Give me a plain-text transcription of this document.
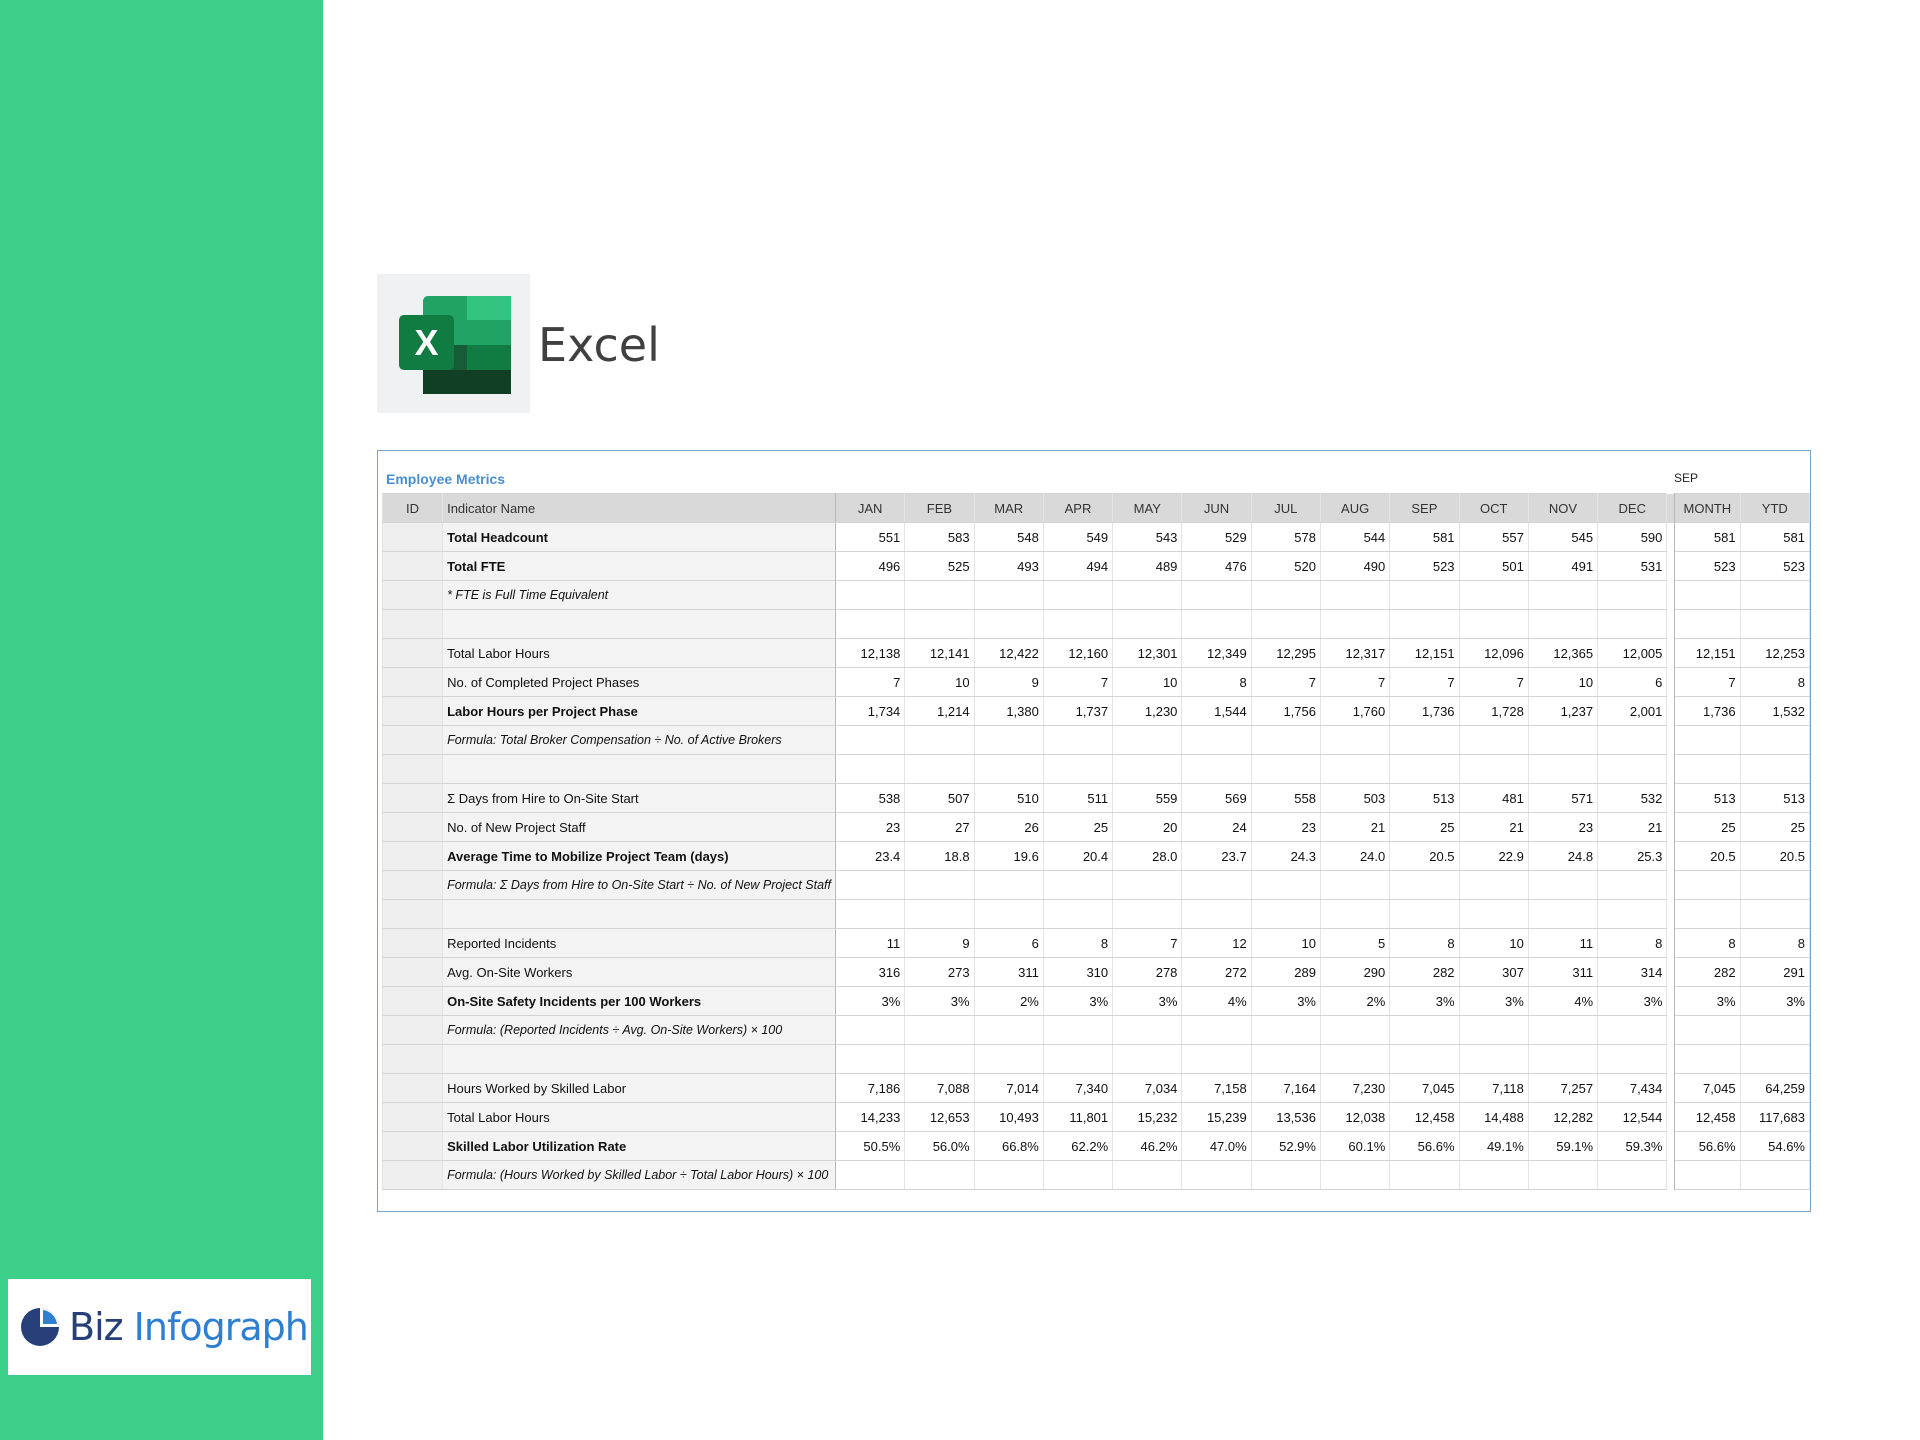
Biz Infograph
X Excel
Employee Metrics	SEP
ID	Indicator Name	JAN	FEB	MAR	APR	MAY	JUN	JUL	AUG	SEP	OCT	NOV	DEC		MONTH	YTD
	Total Headcount	551	583	548	549	543	529	578	544	581	557	545	590		581	581
	Total FTE	496	525	493	494	489	476	520	490	523	501	491	531		523	523
	* FTE is Full Time Equivalent															

	Total Labor Hours	12,138	12,141	12,422	12,160	12,301	12,349	12,295	12,317	12,151	12,096	12,365	12,005		12,151	12,253
	No. of Completed Project Phases	7	10	9	7	10	8	7	7	7	7	10	6		7	8
	Labor Hours per Project Phase	1,734	1,214	1,380	1,737	1,230	1,544	1,756	1,760	1,736	1,728	1,237	2,001		1,736	1,532
	Formula: Total Broker Compensation ÷ No. of Active Brokers															

	Σ Days from Hire to On-Site Start	538	507	510	511	559	569	558	503	513	481	571	532		513	513
	No. of New Project Staff	23	27	26	25	20	24	23	21	25	21	23	21		25	25
	Average Time to Mobilize Project Team (days)	23.4	18.8	19.6	20.4	28.0	23.7	24.3	24.0	20.5	22.9	24.8	25.3		20.5	20.5
	Formula: Σ Days from Hire to On-Site Start ÷ No. of New Project Staff															

	Reported Incidents	11	9	6	8	7	12	10	5	8	10	11	8		8	8
	Avg. On-Site Workers	316	273	311	310	278	272	289	290	282	307	311	314		282	291
	On-Site Safety Incidents per 100 Workers	3%	3%	2%	3%	3%	4%	3%	2%	3%	3%	4%	3%		3%	3%
	Formula: (Reported Incidents ÷ Avg. On-Site Workers) × 100															

	Hours Worked by Skilled Labor	7,186	7,088	7,014	7,340	7,034	7,158	7,164	7,230	7,045	7,118	7,257	7,434		7,045	64,259
	Total Labor Hours	14,233	12,653	10,493	11,801	15,232	15,239	13,536	12,038	12,458	14,488	12,282	12,544		12,458	117,683
	Skilled Labor Utilization Rate	50.5%	56.0%	66.8%	62.2%	46.2%	47.0%	52.9%	60.1%	56.6%	49.1%	59.1%	59.3%		56.6%	54.6%
	Formula: (Hours Worked by Skilled Labor ÷ Total Labor Hours) × 100															
